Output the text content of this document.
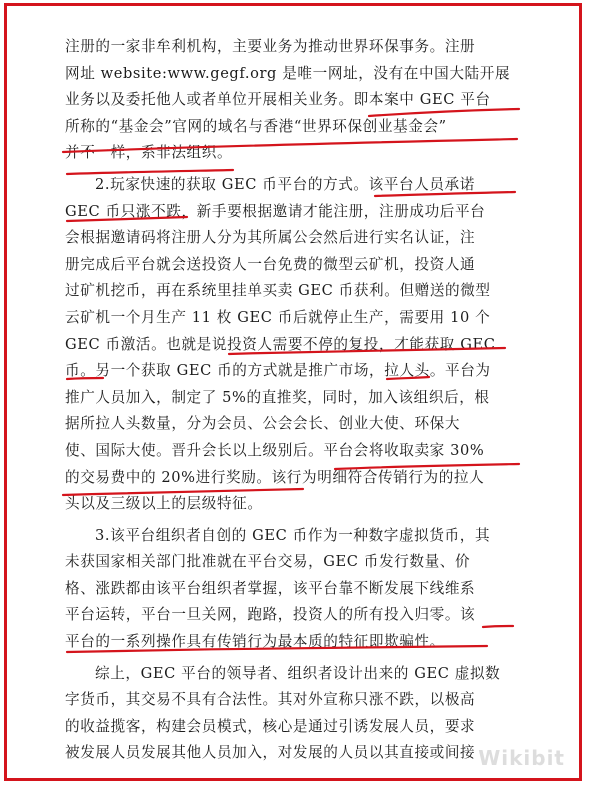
注册的一家非牟利机构，主要业务为推动世界环保事务。注册
网址 website:www.gegf.org 是唯一网址，没有在中国大陆开展
业务以及委托他人或者单位开展相关业务。即本案中 GEC 平台
所称的“基金会”官网的域名与香港“世界环保创业基金会”
并不一样，系非法组织。
2.玩家快速的获取 GEC 币平台的方式。该平台人员承诺
GEC 币只涨不跌，新手要根据邀请才能注册，注册成功后平台
会根据邀请码将注册人分为其所属公会然后进行实名认证，注
册完成后平台就会送投资人一台免费的微型云矿机，投资人通
过矿机挖币，再在系统里挂单买卖 GEC 币获利。但赠送的微型
云矿机一个月生产 11 枚 GEC 币后就停止生产，需要用 10 个
GEC 币激活。也就是说投资人需要不停的复投，才能获取 GEC
币。另一个获取 GEC 币的方式就是推广市场，拉人头。平台为
推广人员加入，制定了 5%的直推奖，同时，加入该组织后，根
据所拉人头数量，分为会员、公会会长、创业大使、环保大
使、国际大使。晋升会长以上级别后。平台会将收取卖家 30%
的交易费中的 20%进行奖励。该行为明细符合传销行为的拉人
头以及三级以上的层级特征。
3.该平台组织者自创的 GEC 币作为一种数字虚拟货币，其
未获国家相关部门批准就在平台交易，GEC 币发行数量、价
格、涨跌都由该平台组织者掌握，该平台靠不断发展下线维系
平台运转，平台一旦关网，跑路，投资人的所有投入归零。该
平台的一系列操作具有传销行为最本质的特征即欺骗性。
综上，GEC 平台的领导者、组织者设计出来的 GEC 虚拟数
字货币，其交易不具有合法性。其对外宣称只涨不跌，以极高
的收益揽客，构建会员模式，核心是通过引诱发展人员，要求
被发展人员发展其他人员加入，对发展的人员以其直接或间接 Wikibit
